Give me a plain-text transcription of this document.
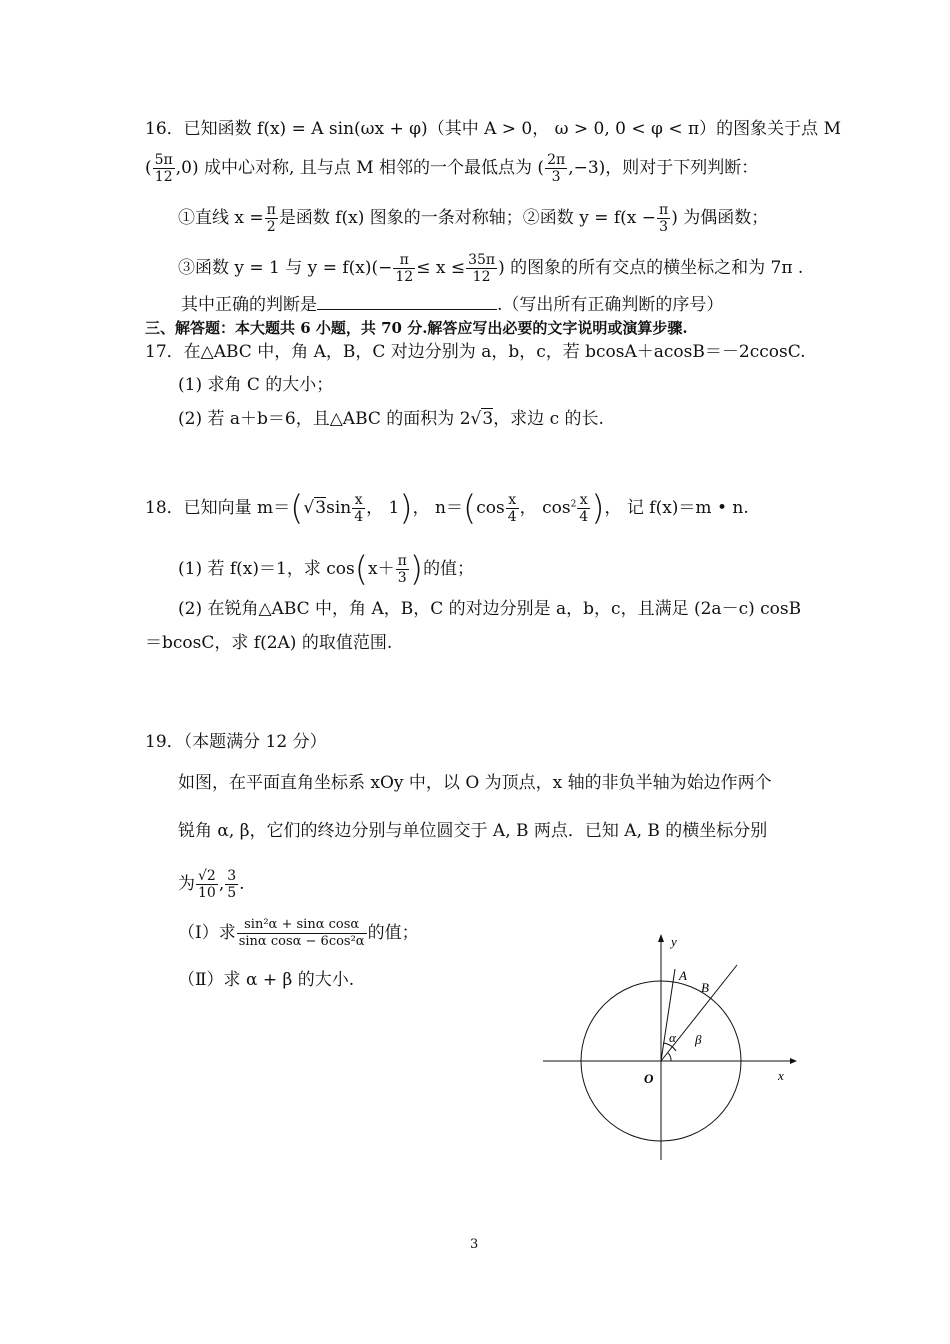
16．已知函数 f(x) = A sin(ωx + φ)（其中 A > 0， ω > 0, 0 < φ < π）的图象关于点 M
( $\frac{5\pi}{12} ,0$) 成中心对称, 且与点 M 相邻的一个最低点为 ( $\frac{2\pi}{3} ,-3$)，则对于下列判断：
①直线 $x = \frac{\pi}{2}$ 是函数 f(x) 图象的一条对称轴；②函数 $y = f(x - \frac{\pi}{3}$ ) 为偶函数；
③函数 y = 1 与 $y = f(x)(- \frac{\pi}{12} \le x \le \frac{35\pi}{12}$ ) 的图象的所有交点的横坐标之和为 7π .
其中正确的判断是	.（写出所有正确判断的序号）
三、解答题：本大题共 6 小题，共 70 分.解答应写出必要的文字说明或演算步骤.
17．在△ABC 中，角 A，B，C 对边分别为 a，b，c，若 bcosA＋acosB＝－2ccosC.
(1) 求角 C 的大小；
(2) 若 a＋b＝6，且△ABC 的面积为 2√3，求边 c 的长.
18．已知向量 $m=(√3\sin \frac{x}{4}$ ， 1)， $n=(\cos \frac{x}{4}$ ， $\cos^2 \frac{x}{4}$ )， 记 f(x)＝m • n.
(1) 若 f(x)＝1，求 $\cos(x+ \frac{\pi}{3}$ )的值；
(2) 在锐角△ABC 中，角 A，B，C 的对边分别是 a，b，c，且满足 (2a－c) cosB
＝bcosC，求 f(2A) 的取值范围.
19．（本题满分 12 分）
如图，在平面直角坐标系 xOy 中，以 O 为顶点，x 轴的非负半轴为始边作两个
锐角 α, β，它们的终边分别与单位圆交于 A, B 两点．已知 A, B 的横坐标分别
为 $\frac{√2}{10}$ , $\frac{3}{5}$ .
（Ⅰ）求 $\frac{\text{sin²α + sinα cosα}}{\text{sinα cosα − 6cos²α}}$ 的值；
（Ⅱ）求 α + β 的大小.
x
y
O
A
B
α β
3
